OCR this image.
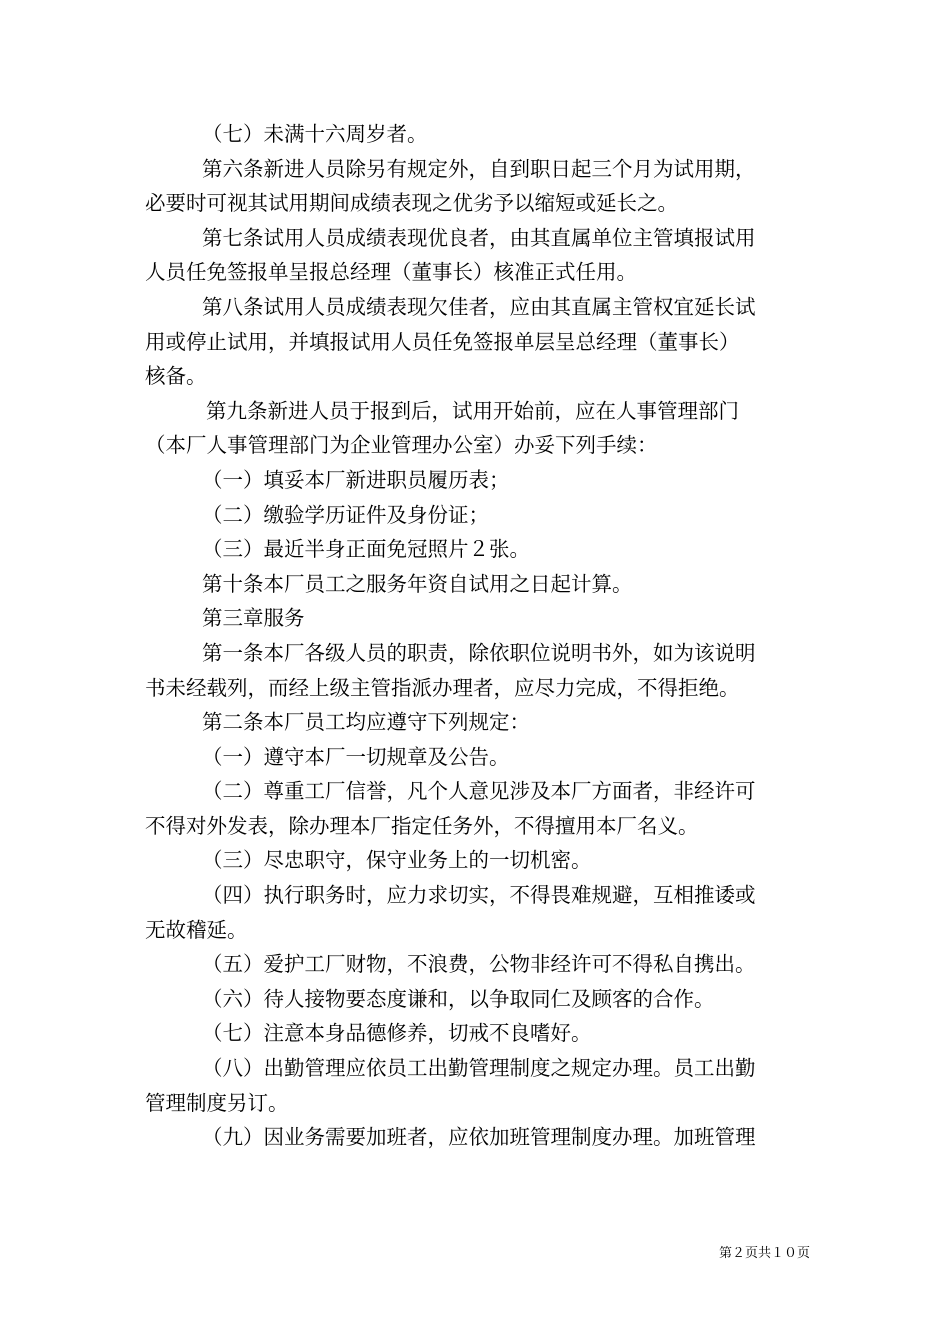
（七）未满十六周岁者。
第六条新进人员除另有规定外，自到职日起三个月为试用期，
必要时可视其试用期间成绩表现之优劣予以缩短或延长之。
第七条试用人员成绩表现优良者，由其直属单位主管填报试用
人员任免签报单呈报总经理（董事长）核准正式任用。
第八条试用人员成绩表现欠佳者，应由其直属主管权宜延长试
用或停止试用，并填报试用人员任免签报单层呈总经理（董事长）
核备。
第九条新进人员于报到后，试用开始前，应在人事管理部门
（本厂人事管理部门为企业管理办公室）办妥下列手续：
（一）填妥本厂新进职员履历表；
（二）缴验学历证件及身份证；
（三）最近半身正面免冠照片２张。
第十条本厂员工之服务年资自试用之日起计算。
第三章服务
第一条本厂各级人员的职责，除依职位说明书外，如为该说明
书未经载列，而经上级主管指派办理者，应尽力完成，不得拒绝。
第二条本厂员工均应遵守下列规定：
（一）遵守本厂一切规章及公告。
（二）尊重工厂信誉，凡个人意见涉及本厂方面者，非经许可
不得对外发表，除办理本厂指定任务外，不得擅用本厂名义。
（三）尽忠职守，保守业务上的一切机密。
（四）执行职务时，应力求切实，不得畏难规避，互相推诿或
无故稽延。
（五）爱护工厂财物，不浪费，公物非经许可不得私自携出。
（六）待人接物要态度谦和，以争取同仁及顾客的合作。
（七）注意本身品德修养，切戒不良嗜好。
（八）出勤管理应依员工出勤管理制度之规定办理。员工出勤
管理制度另订。
（九）因业务需要加班者，应依加班管理制度办理。加班管理
第２页共１０页
